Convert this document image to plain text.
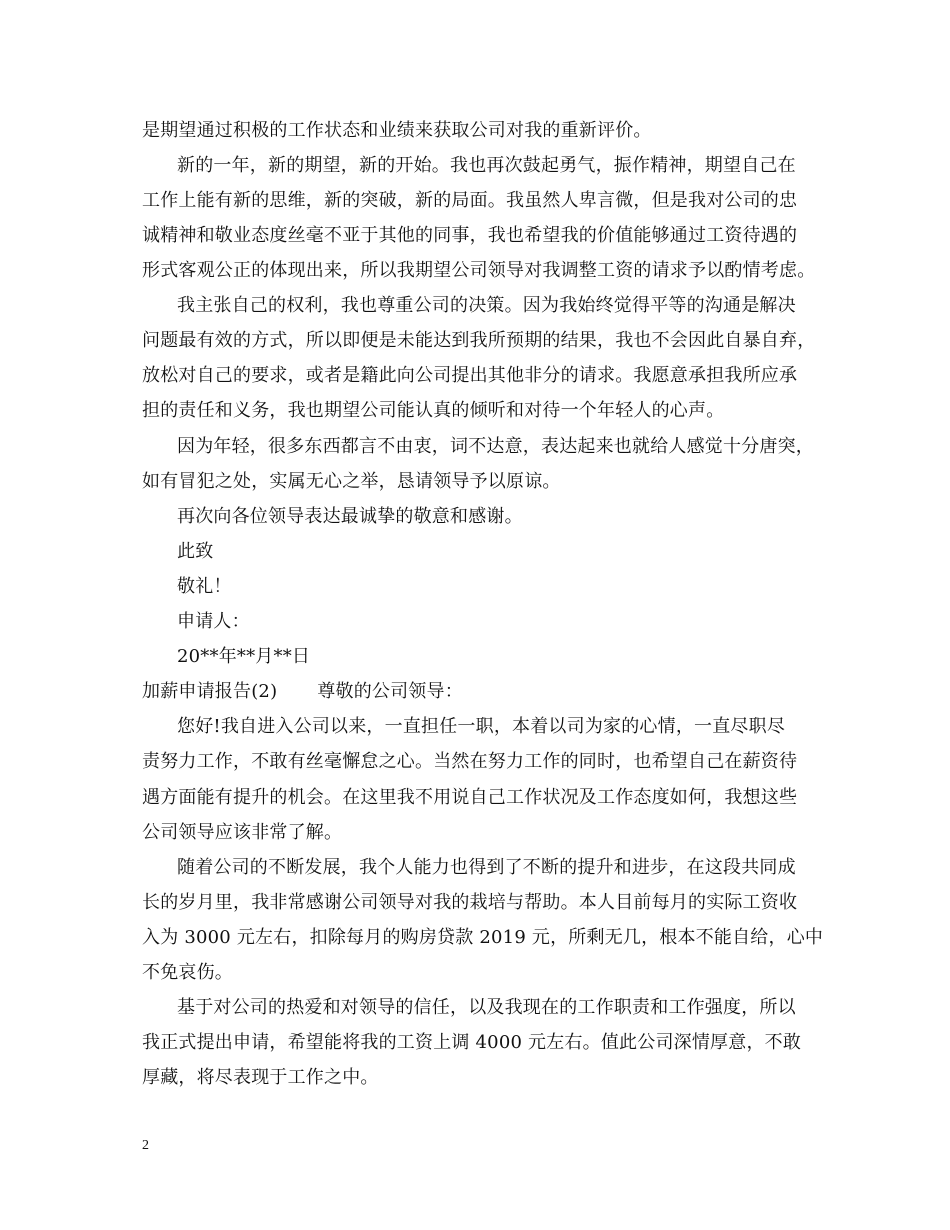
是期望通过积极的工作状态和业绩来获取公司对我的重新评价。
新的一年，新的期望，新的开始。我也再次鼓起勇气，振作精神，期望自己在
工作上能有新的思维，新的突破，新的局面。我虽然人卑言微，但是我对公司的忠
诚精神和敬业态度丝毫不亚于其他的同事，我也希望我的价值能够通过工资待遇的
形式客观公正的体现出来，所以我期望公司领导对我调整工资的请求予以酌情考虑。
我主张自己的权利，我也尊重公司的决策。因为我始终觉得平等的沟通是解决
问题最有效的方式，所以即便是未能达到我所预期的结果，我也不会因此自暴自弃，
放松对自己的要求，或者是籍此向公司提出其他非分的请求。我愿意承担我所应承
担的责任和义务，我也期望公司能认真的倾听和对待一个年轻人的心声。
因为年轻，很多东西都言不由衷，词不达意，表达起来也就给人感觉十分唐突，
如有冒犯之处，实属无心之举，恳请领导予以原谅。
再次向各位领导表达最诚挚的敬意和感谢。
此致
敬礼！
申请人：
20**年**月**日
加薪申请报告(2) 尊敬的公司领导：
您好!我自进入公司以来，一直担任一职，本着以司为家的心情，一直尽职尽
责努力工作，不敢有丝毫懈怠之心。当然在努力工作的同时，也希望自己在薪资待
遇方面能有提升的机会。在这里我不用说自己工作状况及工作态度如何，我想这些
公司领导应该非常了解。
随着公司的不断发展，我个人能力也得到了不断的提升和进步，在这段共同成
长的岁月里，我非常感谢公司领导对我的栽培与帮助。本人目前每月的实际工资收
入为 3000 元左右，扣除每月的购房贷款 2019 元，所剩无几，根本不能自给，心中
不免哀伤。
基于对公司的热爱和对领导的信任，以及我现在的工作职责和工作强度，所以
我正式提出申请，希望能将我的工资上调 4000 元左右。值此公司深情厚意，不敢
厚藏，将尽表现于工作之中。
2
